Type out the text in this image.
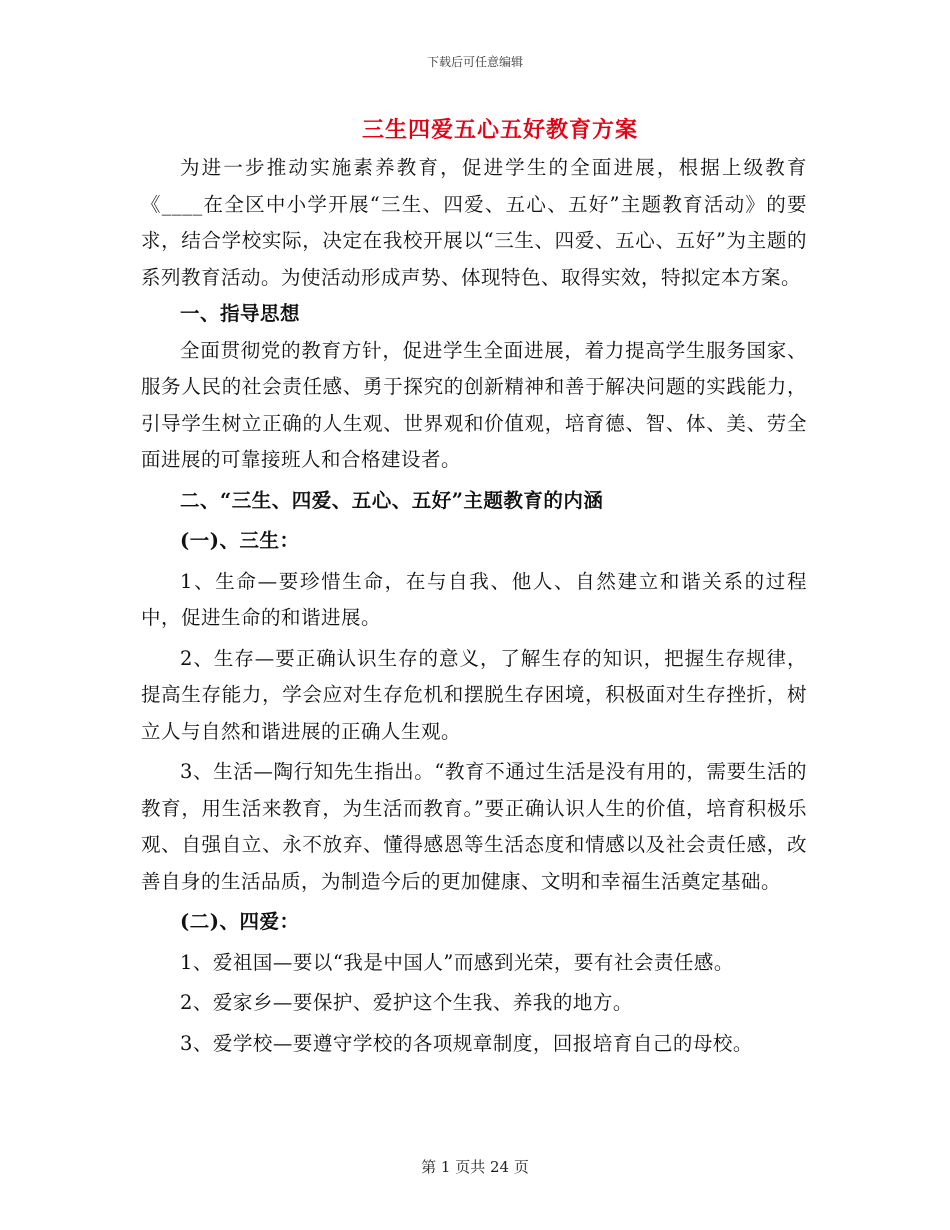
下载后可任意编辑
三生四爱五心五好教育方案

为进一步推动实施素养教育，促进学生的全面进展，根据上级教育《____在全区中小学开展“三生、四爱、五心、五好”主题教育活动》的要求，结合学校实际，决定在我校开展以“三生、四爱、五心、五好”为主题的系列教育活动。为使活动形成声势、体现特色、取得实效，特拟定本方案。

一、指导思想

全面贯彻党的教育方针，促进学生全面进展，着力提高学生服务国家、服务人民的社会责任感、勇于探究的创新精神和善于解决问题的实践能力，引导学生树立正确的人生观、世界观和价值观，培育德、智、体、美、劳全面进展的可靠接班人和合格建设者。

二、“三生、四爱、五心、五好”主题教育的内涵

(一)、三生：

1、生命—要珍惜生命，在与自我、他人、自然建立和谐关系的过程中，促进生命的和谐进展。

2、生存—要正确认识生存的意义，了解生存的知识，把握生存规律，提高生存能力，学会应对生存危机和摆脱生存困境，积极面对生存挫折，树立人与自然和谐进展的正确人生观。

3、生活—陶行知先生指出。“教育不通过生活是没有用的，需要生活的教育，用生活来教育，为生活而教育。”要正确认识人生的价值，培育积极乐观、自强自立、永不放弃、懂得感恩等生活态度和情感以及社会责任感，改善自身的生活品质，为制造今后的更加健康、文明和幸福生活奠定基础。

(二)、四爱：

1、爱祖国—要以“我是中国人”而感到光荣，要有社会责任感。

2、爱家乡—要保护、爱护这个生我、养我的地方。

3、爱学校—要遵守学校的各项规章制度，回报培育自己的母校。

第 1 页共 24 页
